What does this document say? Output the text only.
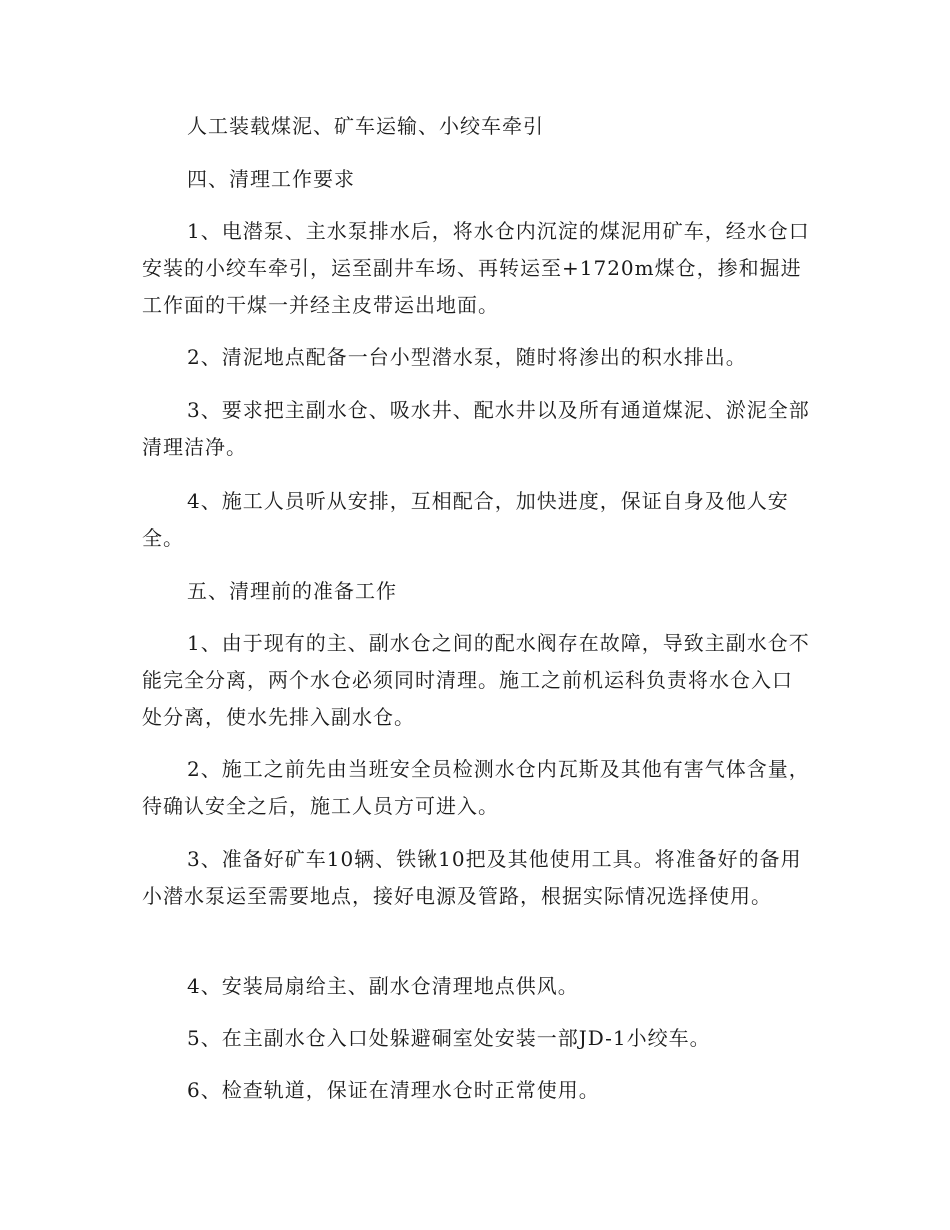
人工装载煤泥、矿车运输、小绞车牵引

四、清理工作要求

1、电潜泵、主水泵排水后，将水仓内沉淀的煤泥用矿车，经水仓口安装的小绞车牵引，运至副井车场、再转运至+1720m煤仓，掺和掘进工作面的干煤一并经主皮带运出地面。

2、清泥地点配备一台小型潜水泵，随时将渗出的积水排出。

3、要求把主副水仓、吸水井、配水井以及所有通道煤泥、淤泥全部清理洁净。

4、施工人员听从安排，互相配合，加快进度，保证自身及他人安全。

五、清理前的准备工作

1、由于现有的主、副水仓之间的配水阀存在故障，导致主副水仓不能完全分离，两个水仓必须同时清理。施工之前机运科负责将水仓入口处分离，使水先排入副水仓。

2、施工之前先由当班安全员检测水仓内瓦斯及其他有害气体含量，待确认安全之后，施工人员方可进入。

3、准备好矿车10辆、铁锹10把及其他使用工具。将准备好的备用小潜水泵运至需要地点，接好电源及管路，根据实际情况选择使用。

4、安装局扇给主、副水仓清理地点供风。

5、在主副水仓入口处躲避硐室处安装一部JD-1小绞车。

6、检查轨道，保证在清理水仓时正常使用。
